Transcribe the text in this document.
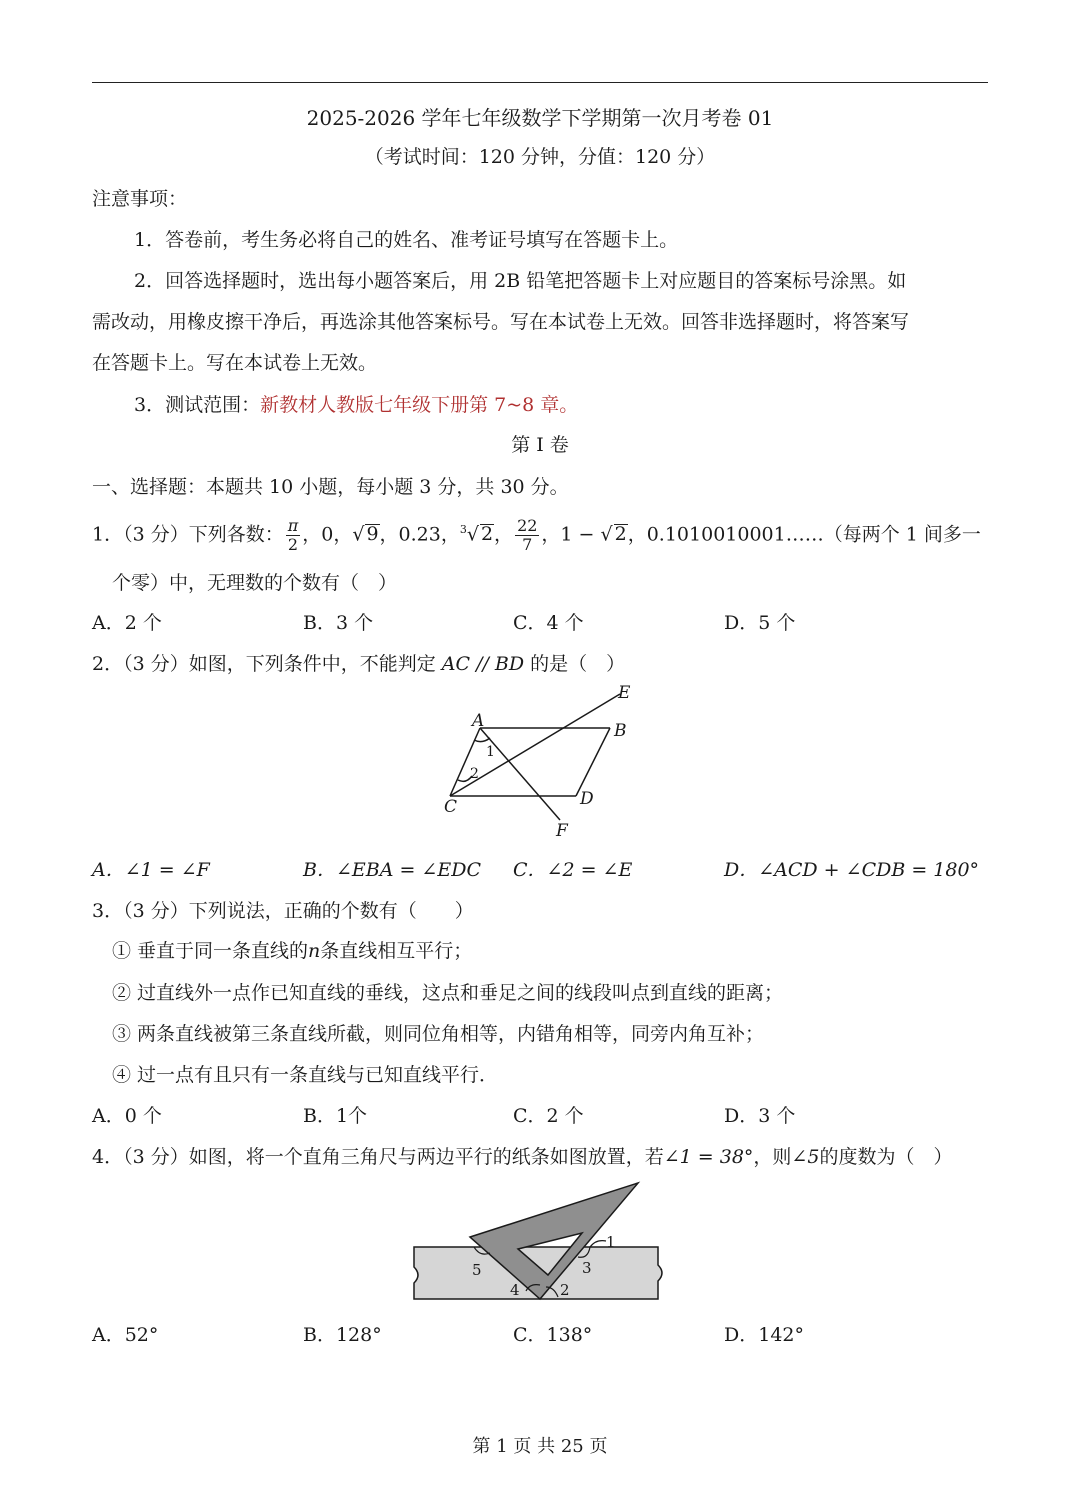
2025-2026 学年七年级数学下学期第一次月考卷 01
（考试时间：120 分钟，分值：120 分）
注意事项：
1．答卷前，考生务必将自己的姓名、准考证号填写在答题卡上。
2．回答选择题时，选出每小题答案后，用 2B 铅笔把答题卡上对应题目的答案标号涂黑。如
需改动，用橡皮擦干净后，再选涂其他答案标号。写在本试卷上无效。回答非选择题时，将答案写
在答题卡上。写在本试卷上无效。
3．测试范围：新教材人教版七年级下册第 7~8 章。
第 I 卷
一、选择题：本题共 10 小题，每小题 3 分，共 30 分。
1．（3 分）下列各数： $\frac{\pi}{2}$ ，0，√ 9，0.23，$^3$√ 2， $\frac{22}{7}$ ，1 − √ 2，0.1010010001……（每两个 1 间多一
个零）中，无理数的个数有（　）
A．2 个	B．3 个	C．4 个	D．5 个
2．（3 分）如图，下列条件中，不能判定 AC // BD 的是（　）
A	B
C	D
E
F
1
2
A．∠1 = ∠F	B．∠EBA = ∠EDC C．∠2 = ∠E	D．∠ACD + ∠CDB = 180°
3．（3 分）下列说法，正确的个数有（　　）
① 垂直于同一条直线的n条直线相互平行；
② 过直线外一点作已知直线的垂线，这点和垂足之间的线段叫点到直线的距离；
③ 两条直线被第三条直线所截，则同位角相等，内错角相等，同旁内角互补；
④ 过一点有且只有一条直线与已知直线平行．
A．0 个	B．1个	C．2 个	D．3 个
4．（3 分）如图，将一个直角三角尺与两边平行的纸条如图放置，若∠1 = 38°，则∠5的度数为（　）
1
2
3
4
5
A．52°	B．128°	C．138°	D．142°
第 1 页 共 25 页
